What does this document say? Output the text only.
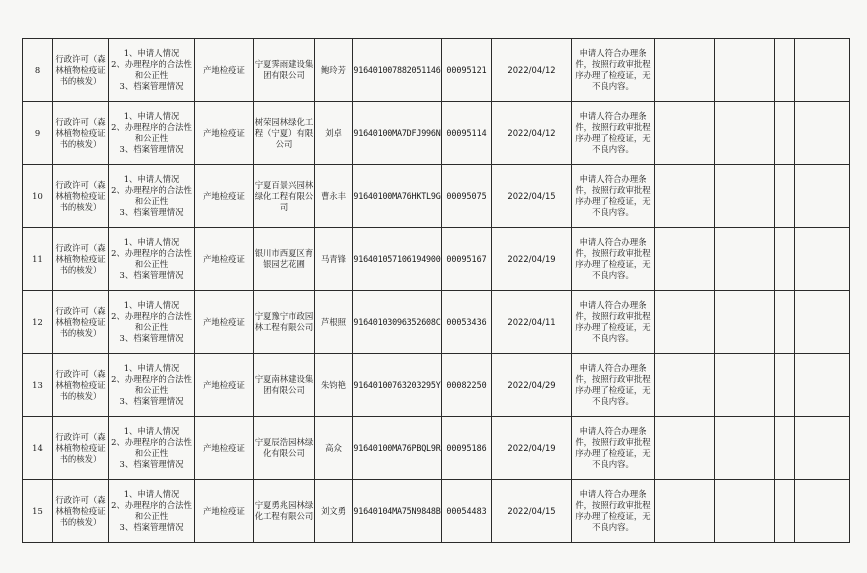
8	行政许可（森林植物检疫证书的核发）	1、申请人情况
2、办理程序的合法性
和公正性
3、档案管理情况	产地检疫证	宁夏霁雨建设集团有限公司	鲍玲芳	916401007882051146	00095121	2022/04/12	申请人符合办理条件，按照行政审批程序办理了检疫证，无不良内容。				
9	行政许可（森林植物检疫证书的核发）	1、申请人情况
2、办理程序的合法性
和公正性
3、档案管理情况	产地检疫证	树荣园林绿化工程（宁夏）有限公司	刘卓	91640100MA7DFJ996N	00095114	2022/04/12	申请人符合办理条件，按照行政审批程序办理了检疫证，无不良内容。				
10	行政许可（森林植物检疫证书的核发）	1、申请人情况
2、办理程序的合法性
和公正性
3、档案管理情况	产地检疫证	宁夏百景兴园林绿化工程有限公司	曹永丰	91640100MA76HKTL9G	00095075	2022/04/15	申请人符合办理条件，按照行政审批程序办理了检疫证，无不良内容。				
11	行政许可（森林植物检疫证书的核发）	1、申请人情况
2、办理程序的合法性
和公正性
3、档案管理情况	产地检疫证	银川市西夏区育银园艺花圃	马青锋	916401057106194900	00095167	2022/04/19	申请人符合办理条件，按照行政审批程序办理了检疫证，无不良内容。				
12	行政许可（森林植物检疫证书的核发）	1、申请人情况
2、办理程序的合法性
和公正性
3、档案管理情况	产地检疫证	宁夏豫宁市政园林工程有限公司	芦根照	91640103096352608C	00053436	2022/04/11	申请人符合办理条件，按照行政审批程序办理了检疫证，无不良内容。				
13	行政许可（森林植物检疫证书的核发）	1、申请人情况
2、办理程序的合法性
和公正性
3、档案管理情况	产地检疫证	宁夏南林建设集团有限公司	朱钧艳	91640100763203295Y	00082250	2022/04/29	申请人符合办理条件，按照行政审批程序办理了检疫证，无不良内容。				
14	行政许可（森林植物检疫证书的核发）	1、申请人情况
2、办理程序的合法性
和公正性
3、档案管理情况	产地检疫证	宁夏辰浩园林绿化有限公司	高众	91640100MA76PBQL9R	00095186	2022/04/19	申请人符合办理条件，按照行政审批程序办理了检疫证，无不良内容。				
15	行政许可（森林植物检疫证书的核发）	1、申请人情况
2、办理程序的合法性
和公正性
3、档案管理情况	产地检疫证	宁夏勇兆园林绿化工程有限公司	刘文勇	91640104MA75N9848B	00054483	2022/04/15	申请人符合办理条件，按照行政审批程序办理了检疫证，无不良内容。				
